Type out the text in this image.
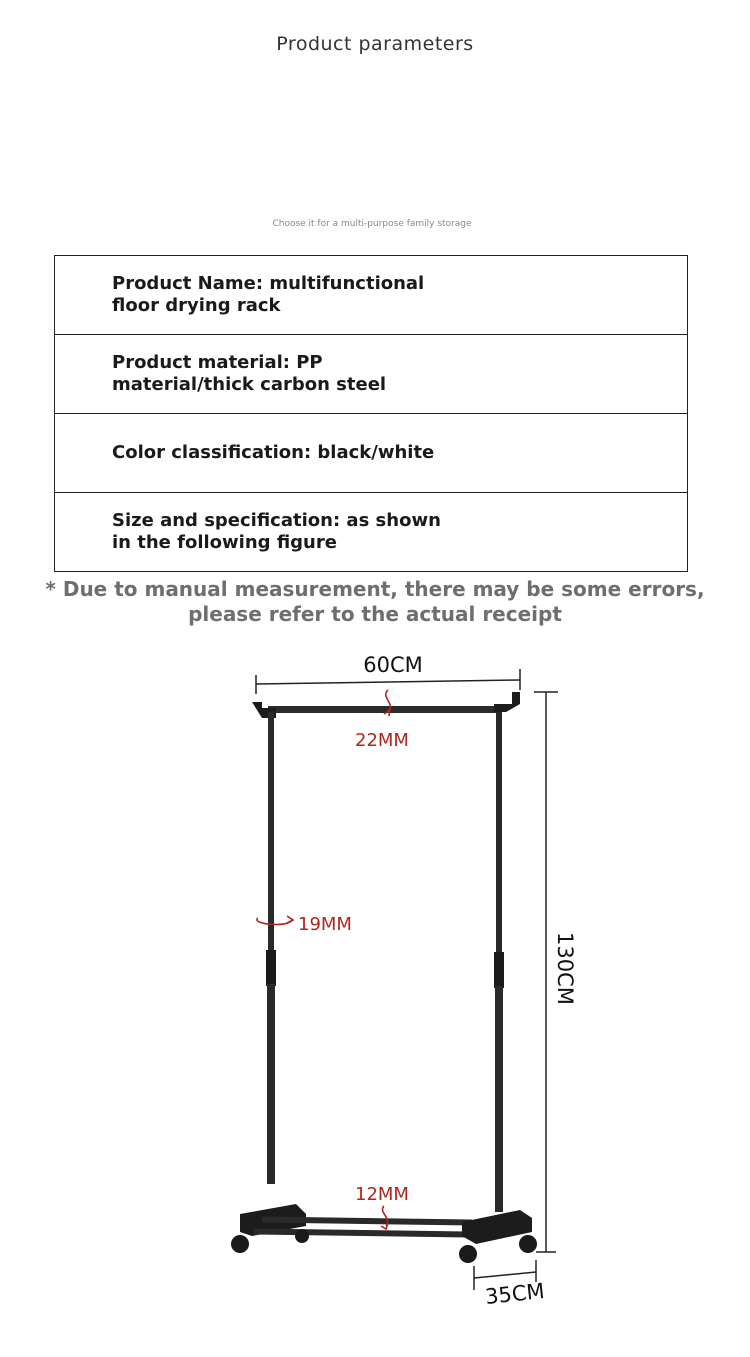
Product parameters
Choose it for a multi-purpose family storage
Product Name: multifunctional floor drying rack
Product material: PP material/thick carbon steel
Color classification: black/white
Size and specification: as shown in the following figure
* Due to manual measurement, there may be some errors,
please refer to the actual receipt
60CM
130CM
35CM
22MM
19MM
12MM
